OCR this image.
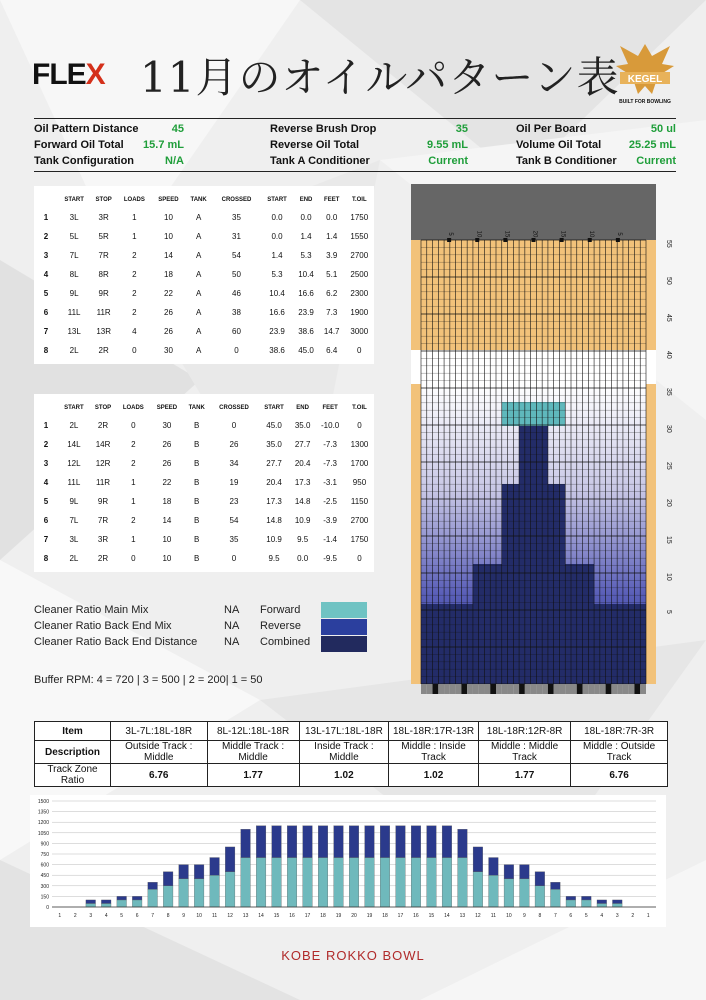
FLEX 11月のオイルパターン表 KEGEL
BUILT FOR BOWLING
Oil Pattern Distance	45	Reverse Brush Drop	35	Oil Per Board	50 ul
Forward Oil Total 15.7 mL	Reverse Oil Total	9.55 mL	Volume Oil Total	25.25 mL
Tank Configuration	N/A	Tank A Conditioner	Current	Tank B Conditioner Current
	START	STOP	LOADS	SPEED	TANK	CROSSED	START	END	FEET	T.OIL
1	3L	3R	1	10	A	35	0.0	0.0	0.0	1750
2	5L	5R	1	10	A	31	0.0	1.4	1.4	1550
3	7L	7R	2	14	A	54	1.4	5.3	3.9	2700
4	8L	8R	2	18	A	50	5.3	10.4	5.1	2500
5	9L	9R	2	22	A	46	10.4	16.6	6.2	2300
6	11L	11R	2	26	A	38	16.6	23.9	7.3	1900
7	13L	13R	4	26	A	60	23.9	38.6	14.7	3000
8	2L	2R	0	30	A	0	38.6	45.0	6.4	0
	START	STOP	LOADS	SPEED	TANK	CROSSED	START	END	FEET	T.OIL
1	2L	2R	0	30	B	0	45.0	35.0	-10.0	0
2	14L	14R	2	26	B	26	35.0	27.7	-7.3	1300
3	12L	12R	2	26	B	34	27.7	20.4	-7.3	1700
4	11L	11R	1	22	B	19	20.4	17.3	-3.1	950
5	9L	9R	1	18	B	23	17.3	14.8	-2.5	1150
6	7L	7R	2	14	B	54	14.8	10.9	-3.9	2700
7	3L	3R	1	10	B	35	10.9	9.5	-1.4	1750
8	2L	2R	0	10	B	0	9.5	0.0	-9.5	0
Cleaner Ratio Main Mix	NA	Forward
Cleaner Ratio Back End Mix	NA	Reverse
Cleaner Ratio Back End Distance	NA	Combined
Buffer RPM: 4 = 720 | 3 = 500 | 2 = 200| 1 = 50
5	10	15	20	15	10	5
55
50
45
40
35
30
25
20
15
10
5
Item	3L-7L:18L-18R	8L-12L:18L-18R	13L-17L:18L-18R	18L-18R:17R-13R	18L-18R:12R-8R	18L-18R:7R-3R
Description	Outside Track : Middle	Middle Track : Middle	Inside Track : Middle	Middle : Inside Track	Middle : Middle Track	Middle : Outside Track
Track Zone Ratio	6.76	1.77	1.02	1.02	1.77	6.76
0
150
300
450
600
750
900
1050
1200
1350
1500
1	2	3	4	5	6	7	8	9 10 11 12 13 14 15 16 17 18 19 20 19 18 17 16 15 14 13 12 11 10 9	8	7	6	5	4	3	2	1
KOBE ROKKO BOWL
